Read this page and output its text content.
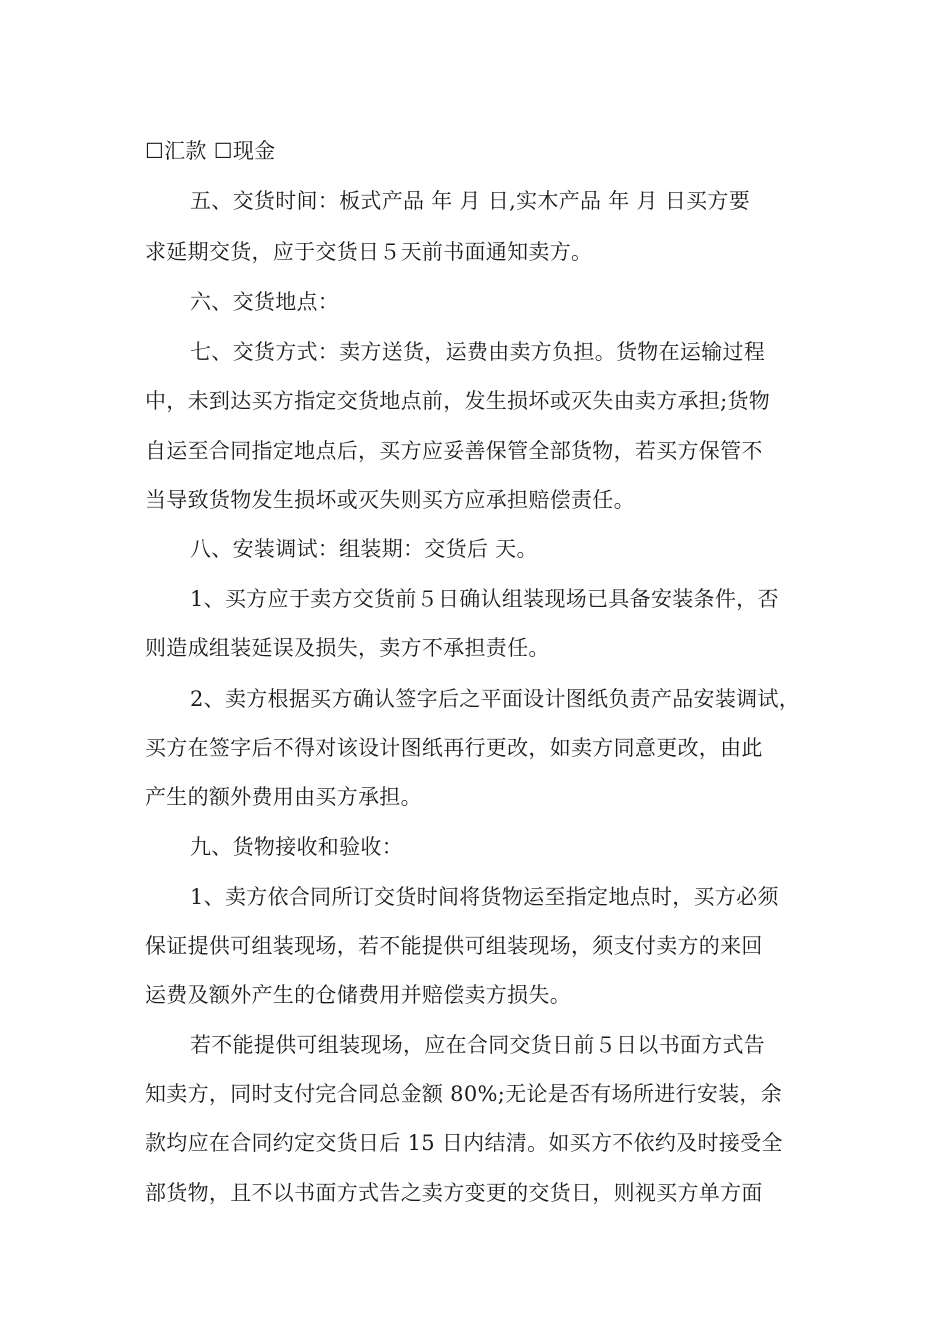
☐汇款 ☐现金
五、交货时间：板式产品 年 月 日,实木产品 年 月 日买方要
求延期交货，应于交货日５天前书面通知卖方。
六、交货地点：
七、交货方式：卖方送货，运费由卖方负担。货物在运输过程
中，未到达买方指定交货地点前，发生损坏或灭失由卖方承担;货物
自运至合同指定地点后，买方应妥善保管全部货物，若买方保管不
当导致货物发生损坏或灭失则买方应承担赔偿责任。
八、安装调试：组装期：交货后 天。
1、买方应于卖方交货前５日确认组装现场已具备安装条件，否
则造成组装延误及损失，卖方不承担责任。
2、卖方根据买方确认签字后之平面设计图纸负责产品安装调试，
买方在签字后不得对该设计图纸再行更改，如卖方同意更改，由此
产生的额外费用由买方承担。
九、货物接收和验收：
1、卖方依合同所订交货时间将货物运至指定地点时，买方必须
保证提供可组装现场，若不能提供可组装现场，须支付卖方的来回
运费及额外产生的仓储费用并赔偿卖方损失。
若不能提供可组装现场，应在合同交货日前５日以书面方式告
知卖方，同时支付完合同总金额 80%;无论是否有场所进行安装，余
款均应在合同约定交货日后 15 日内结清。如买方不依约及时接受全
部货物，且不以书面方式告之卖方变更的交货日，则视买方单方面
